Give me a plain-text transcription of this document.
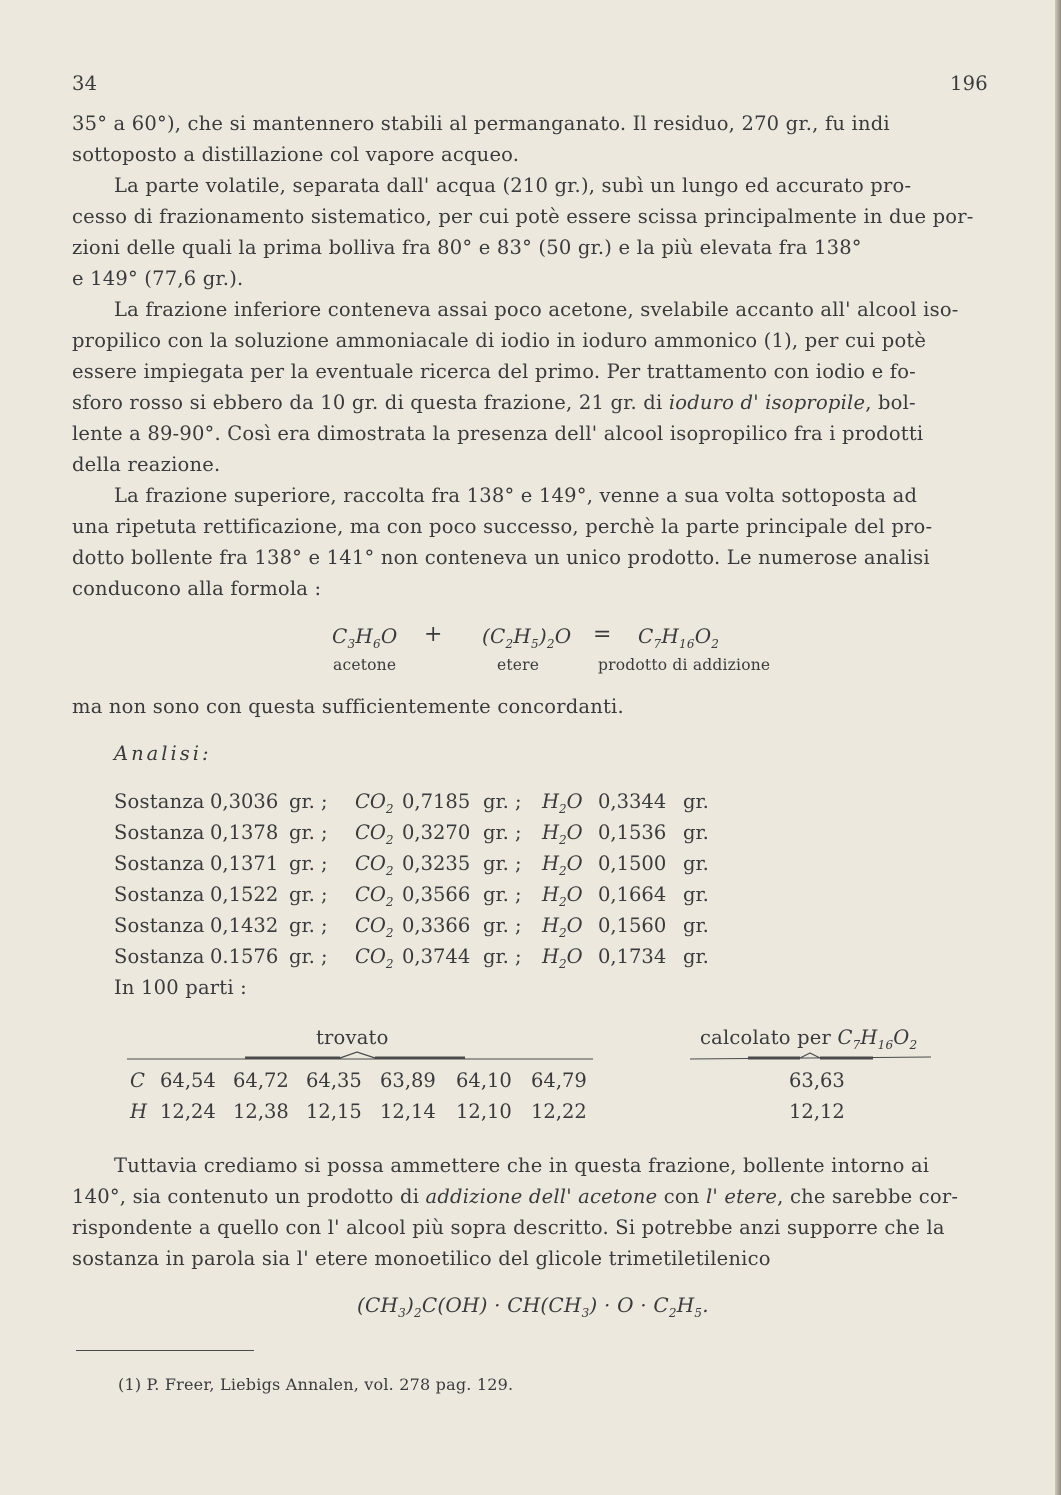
34	196
35° a 60°), che si mantennero stabili al permanganato. Il residuo, 270 gr., fu indi
sottoposto a distillazione col vapore acqueo.
La parte volatile, separata dall' acqua (210 gr.), subì un lungo ed accurato pro-
cesso di frazionamento sistematico, per cui potè essere scissa principalmente in due por-
zioni delle quali la prima bolliva fra 80° e 83° (50 gr.) e la più elevata fra 138°
e 149° (77,6 gr.).
La frazione inferiore conteneva assai poco acetone, svelabile accanto all' alcool iso-
propilico con la soluzione ammoniacale di iodio in ioduro ammonico (1), per cui potè
essere impiegata per la eventuale ricerca del primo. Per trattamento con iodio e fo-
sforo rosso si ebbero da 10 gr. di questa frazione, 21 gr. di ioduro d' isopropile, bol-
lente a 89-90°. Così era dimostrata la presenza dell' alcool isopropilico fra i prodotti
della reazione.
La frazione superiore, raccolta fra 138° e 149°, venne a sua volta sottoposta ad
una ripetuta rettificazione, ma con poco successo, perchè la parte principale del pro-
dotto bollente fra 138° e 141° non conteneva un unico prodotto. Le numerose analisi
conducono alla formola :
$C_3H_6O + (C_2H_5)_2O = C_7H_{16}O_2$
acetone	etere	prodotto di addizione
ma non sono con questa sufficientemente concordanti.
Analisi:
Sostanza 0,3036 gr. ; $CO_2$ 0,7185 gr. ; $H_2O$ 0,3344 gr.
Sostanza 0,1378 gr. ; $CO_2$ 0,3270 gr. ; $H_2O$ 0,1536 gr.
Sostanza 0,1371 gr. ; $CO_2$ 0,3235 gr. ; $H_2O$ 0,1500 gr.
Sostanza 0,1522 gr. ; $CO_2$ 0,3566 gr. ; $H_2O$ 0,1664 gr.
Sostanza 0,1432 gr. ; $CO_2$ 0,3366 gr. ; $H_2O$ 0,1560 gr.
Sostanza 0.1576 gr. ; $CO_2$ 0,3744 gr. ; $H_2O$ 0,1734 gr.
In 100 parti :
trovato	calcolato per $C_7H_{16}O_2$
C 64,54 64,72 64,35 63,89 64,10 64,79	63,63
H 12,24 12,38 12,15 12,14 12,10 12,22	12,12
Tuttavia crediamo si possa ammettere che in questa frazione, bollente intorno ai
140°, sia contenuto un prodotto di addizione dell' acetone con l' etere, che sarebbe cor-
rispondente a quello con l' alcool più sopra descritto. Si potrebbe anzi supporre che la
sostanza in parola sia l' etere monoetilico del glicole trimetiletilenico
$(CH_3)_2C(OH) \cdot CH(CH_3) \cdot O \cdot C_2H_5$.
(1) P. Freer, Liebigs Annalen, vol. 278 pag. 129.
